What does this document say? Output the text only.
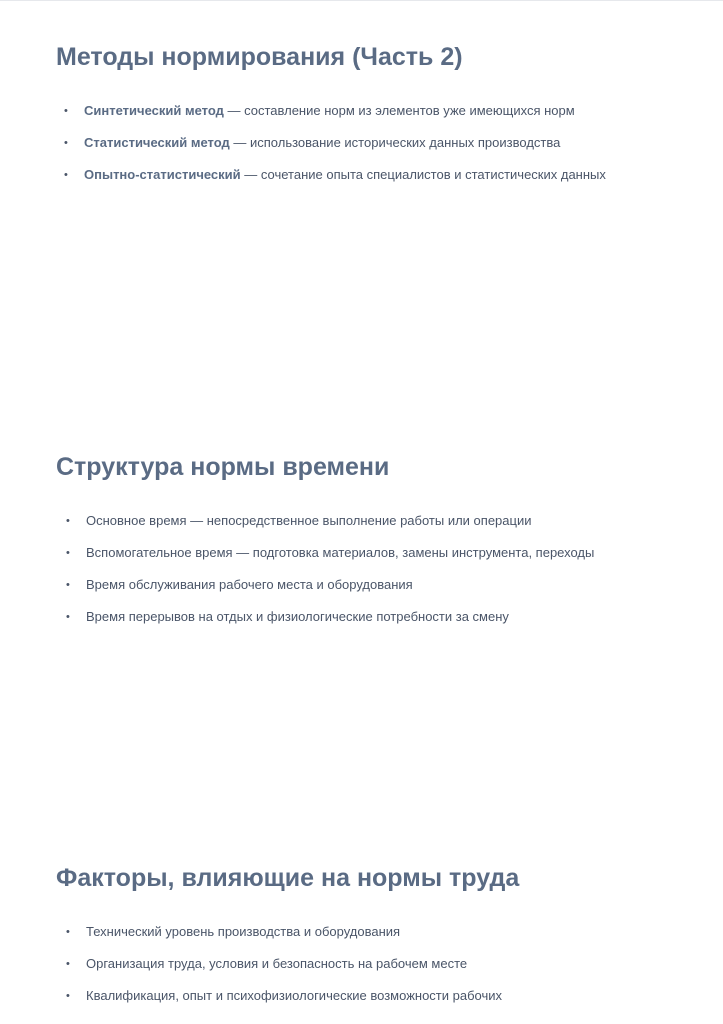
Методы нормирования (Часть 2)
• Синтетический метод — составление норм из элементов уже имеющихся норм
• Статистический метод — использование исторических данных производства
• Опытно-статистический — сочетание опыта специалистов и статистических данных
Структура нормы времени
• Основное время — непосредственное выполнение работы или операции
• Вспомогательное время — подготовка материалов, замены инструмента, переходы
• Время обслуживания рабочего места и оборудования
• Время перерывов на отдых и физиологические потребности за смену
Факторы, влияющие на нормы труда
• Технический уровень производства и оборудования
• Организация труда, условия и безопасность на рабочем месте
• Квалификация, опыт и психофизиологические возможности рабочих
